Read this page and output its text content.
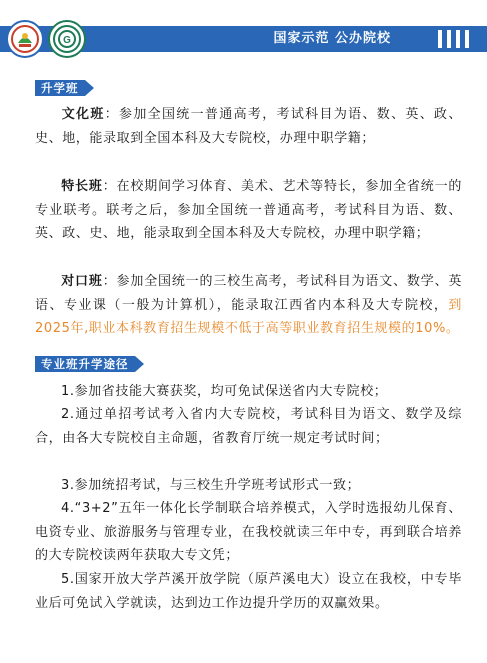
G	国家示范 公办院校
升学班
文化班：参加全国统一普通高考，考试科目为语、数、英、政、史、地，能录取到全国本科及大专院校，办理中职学籍；
特长班：在校期间学习体育、美术、艺术等特长，参加全省统一的专业联考。联考之后，参加全国统一普通高考，考试科目为语、数、英、政、史、地，能录取到全国本科及大专院校，办理中职学籍；
对口班：参加全国统一的三校生高考，考试科目为语文、数学、英语、专业课（一般为计算机），能录取江西省内本科及大专院校，到2025年,职业本科教育招生规模不低于高等职业教育招生规模的10%。
专业班升学途径
1.参加省技能大赛获奖，均可免试保送省内大专院校；
2.通过单招考试考入省内大专院校，考试科目为语文、数学及综合，由各大专院校自主命题，省教育厅统一规定考试时间；
3.参加统招考试，与三校生升学班考试形式一致；
4.“3+2”五年一体化长学制联合培养模式，入学时选报幼儿保育、电资专业、旅游服务与管理专业，在我校就读三年中专，再到联合培养的大专院校读两年获取大专文凭；
5.国家开放大学芦溪开放学院（原芦溪电大）设立在我校，中专毕业后可免试入学就读，达到边工作边提升学历的双赢效果。
